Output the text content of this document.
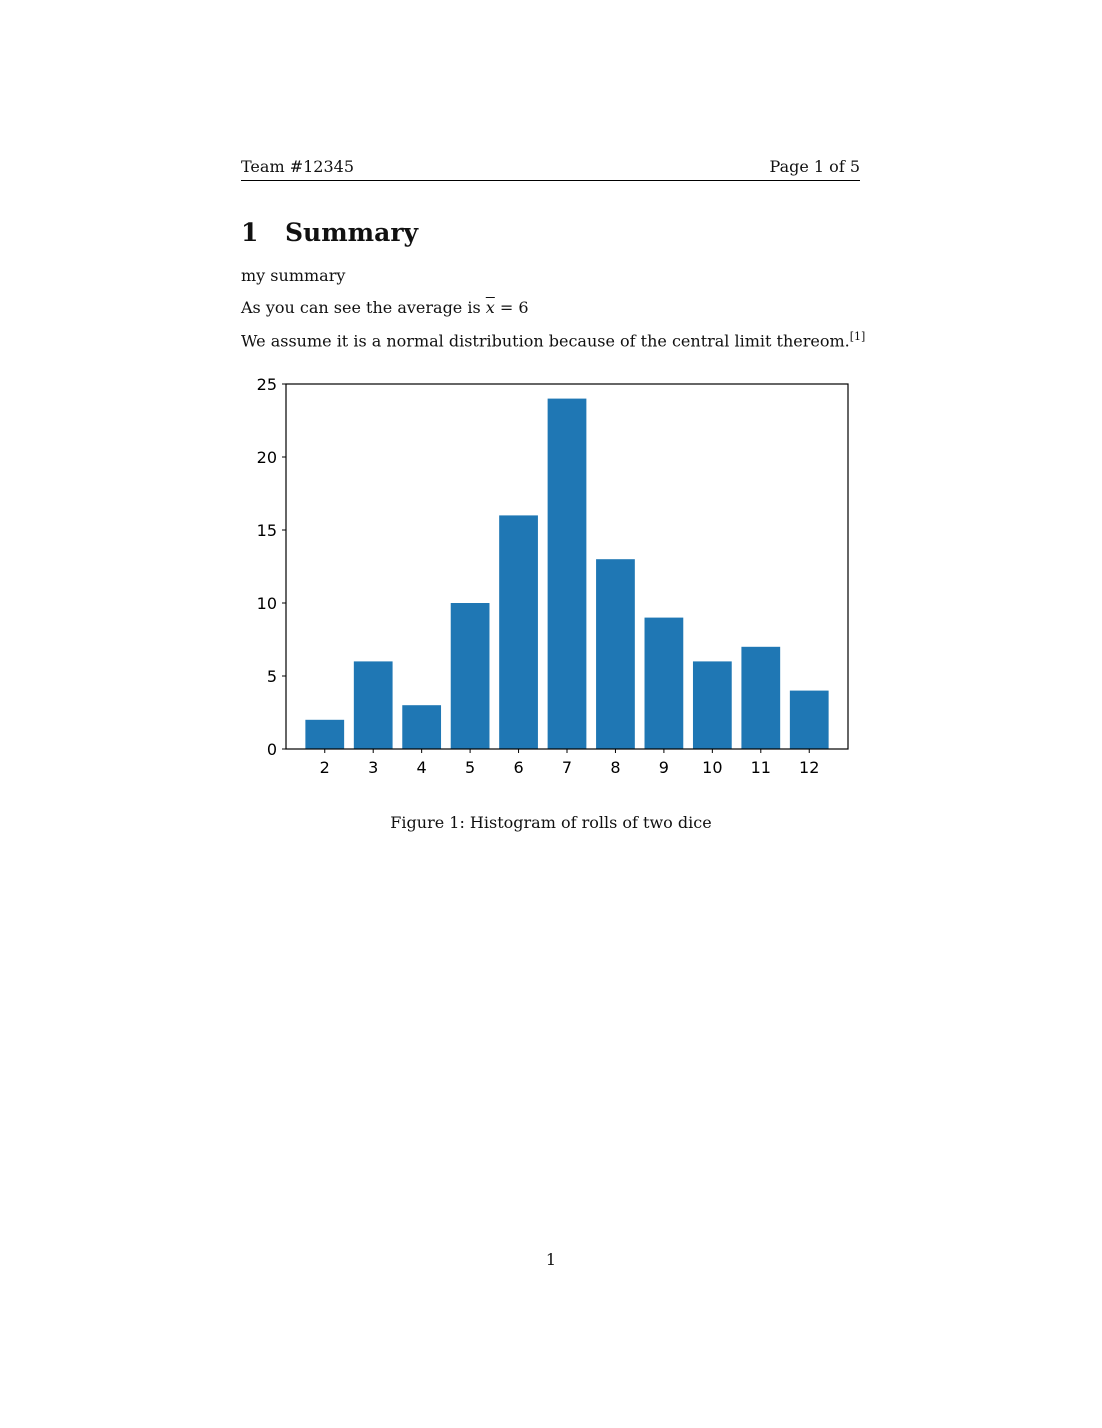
Team #12345	Page 1 of 5
1 Summary
my summary
As you can see the average is $\overline{x} = 6$
We assume it is a normal distribution because of the central limit thereom.[1]
2 3 4 5 6 7 8 9 10 11 12
0
5
10
15
20
25
Figure 1: Histogram of rolls of two dice
1
